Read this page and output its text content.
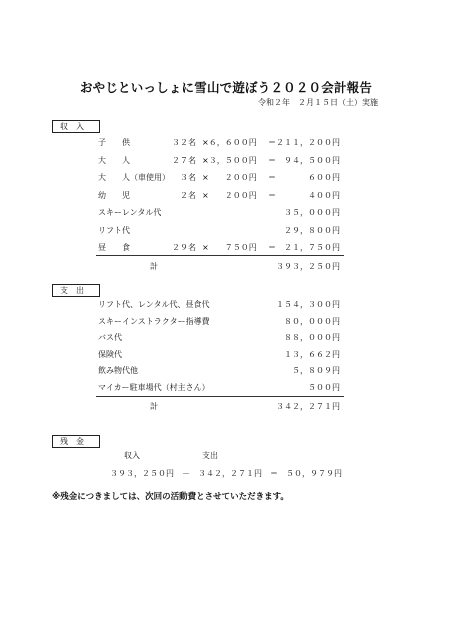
おやじといっしょに雪山で遊ぼう２０２０会計報告
令和２年　２月１５日（土）実施
収入
子　　供	３２名 ×６，６００円 ＝２１１，２００円
大　　人	２７名 ×３，５００円 ＝　９４，５００円
大　　人（車使用） ３名 ×　　２００円 ＝　　　　６００円
幼　　児	２名 ×　　２００円 ＝　　　　４００円
スキーレンタル代	３５，０００円
リフト代	２９，８００円
昼　　食	２９名 ×　　７５０円 ＝　２１，７５０円
計	３９３，２５０円
支出
リフト代、レンタル代、昼食代	１５４，３００円
スキーインストラクター指導費	８０，０００円
バス代	８８，０００円
保険代	１３，６６２円
飲み物代他	５，８０９円
マイカー駐車場代（村主さん）	５００円
計	３４２，２７１円
残金
収入	支出
３９３，２５０円　－　３４２，２７１円　＝　５０，９７９円
※残金につきましては、次回の活動費とさせていただきます。
